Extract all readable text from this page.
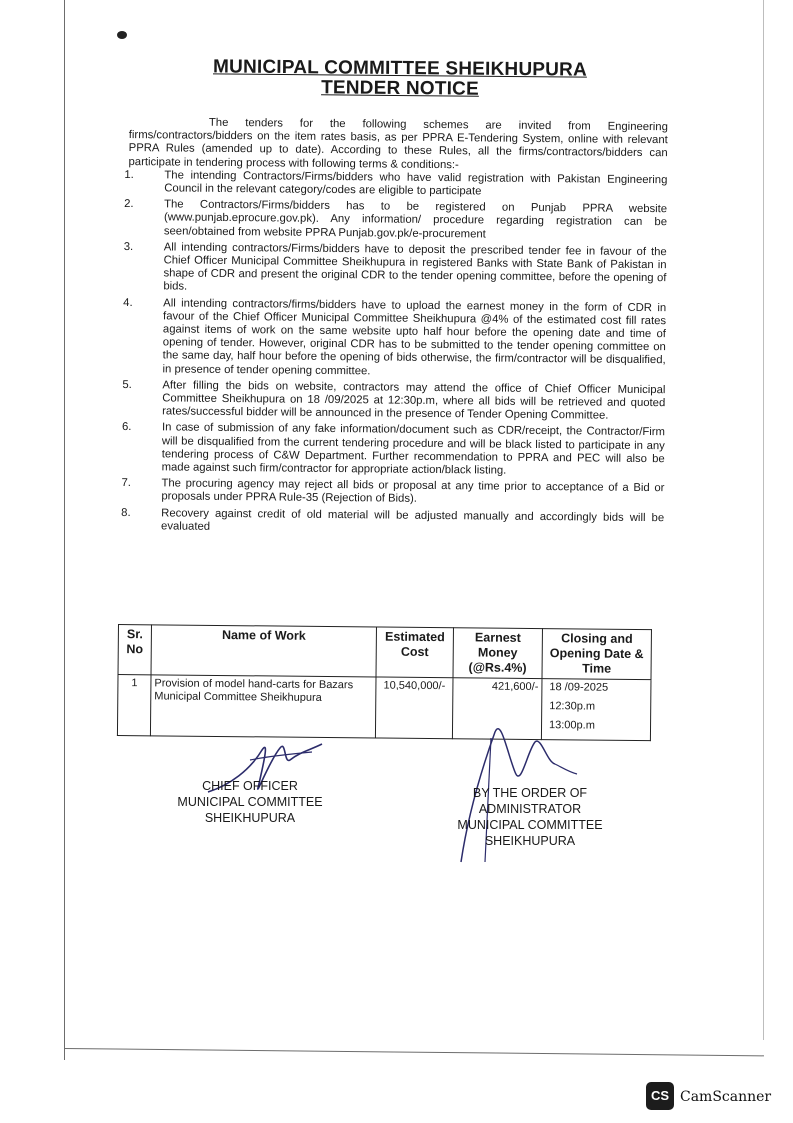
MUNICIPAL COMMITTEE SHEIKHUPURA
TENDER NOTICE

The tenders for the following schemes are invited from Engineering firms/contractors/bidders on the item rates basis, as per PPRA E-Tendering System, online with relevant PPRA Rules (amended up to date). According to these Rules, all the firms/contractors/bidders can participate in tendering process with following terms & conditions:-

1.	The intending Contractors/Firms/bidders who have valid registration with Pakistan Engineering Council in the relevant category/codes are eligible to participate
2.	The Contractors/Firms/bidders has to be registered on Punjab PPRA website (www.punjab.eprocure.gov.pk). Any information/ procedure regarding registration can be seen/obtained from website PPRA Punjab.gov.pk/e-procurement
3.	All intending contractors/Firms/bidders have to deposit the prescribed tender fee in favour of the Chief Officer Municipal Committee Sheikhupura in registered Banks with State Bank of Pakistan in shape of CDR and present the original CDR to the tender opening committee, before the opening of bids.
4.	All intending contractors/firms/bidders have to upload the earnest money in the form of CDR in favour of the Chief Officer Municipal Committee Sheikhupura @4% of the estimated cost fill rates against items of work on the same website upto half hour before the opening date and time of opening of tender. However, original CDR has to be submitted to the tender opening committee on the same day, half hour before the opening of bids otherwise, the firm/contractor will be disqualified, in presence of tender opening committee.
5.	After filling the bids on website, contractors may attend the office of Chief Officer Municipal Committee Sheikhupura on 18 /09/2025 at 12:30p.m, where all bids will be retrieved and quoted rates/successful bidder will be announced in the presence of Tender Opening Committee.
6.	In case of submission of any fake information/document such as CDR/receipt, the Contractor/Firm will be disqualified from the current tendering procedure and will be black listed to participate in any tendering process of C&W Department. Further recommendation to PPRA and PEC will also be made against such firm/contractor for appropriate action/black listing.
7.	The procuring agency may reject all bids or proposal at any time prior to acceptance of a Bid or proposals under PPRA Rule-35 (Rejection of Bids).
8.	Recovery against credit of old material will be adjusted manually and accordingly bids will be evaluated
Sr. No	Name of Work	Estimated Cost	Earnest Money (@Rs.4%)	Closing and Opening Date & Time
1	Provision of model hand-carts for Bazars Municipal Committee Sheikhupura	10,540,000/-	421,600/-	18 /09-2025
12:30p.m
13:00p.m
CHIEF OFFICER
MUNICIPAL COMMITTEE
SHEIKHUPURA
BY THE ORDER OF
ADMINISTRATOR
MUNICIPAL COMMITTEE
SHEIKHUPURA
CS CamScanner
